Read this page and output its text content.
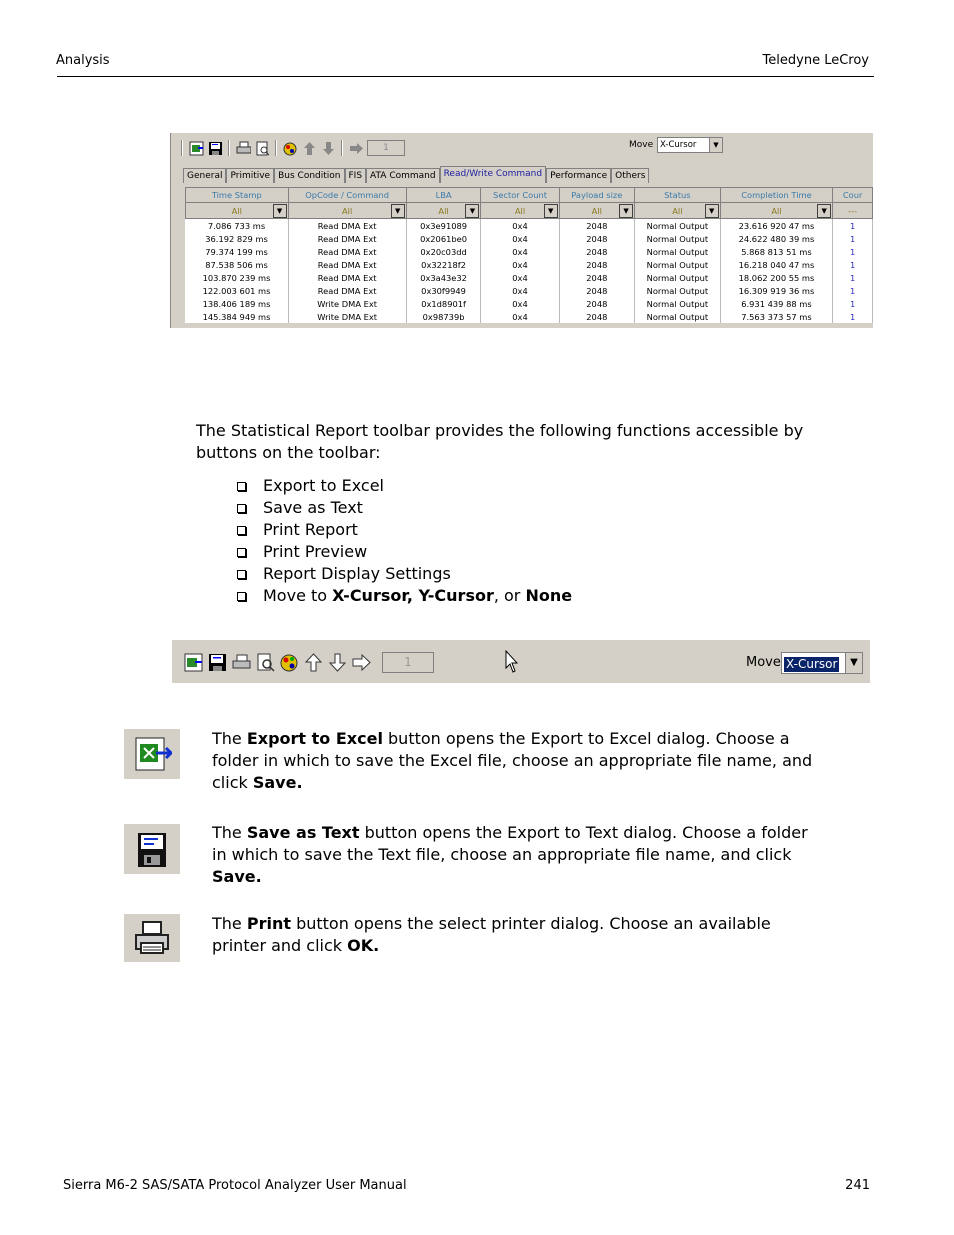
Analysis	Teledyne LeCroy
1	Move X-Cursor	▼
General Primitive Bus Condition FIS ATA Command Read/Write Command Performance Others
Time Stamp	OpCode / Command	LBA	Sector Count	Payload size	Status	Completion Time	Cour
All ▼	All ▼	All ▼	All ▼	All ▼	All ▼	All ▼	---
7.086 733 ms	Read DMA Ext	0x3e91089	0x4	2048	Normal Output	23.616 920 47 ms	1
36.192 829 ms	Read DMA Ext	0x2061be0	0x4	2048	Normal Output	24.622 480 39 ms	1
79.374 199 ms	Read DMA Ext	0x20c03dd	0x4	2048	Normal Output	5.868 813 51 ms	1
87.538 506 ms	Read DMA Ext	0x32218f2	0x4	2048	Normal Output	16.218 040 47 ms	1
103.870 239 ms	Read DMA Ext	0x3a43e32	0x4	2048	Normal Output	18.062 200 55 ms	1
122.003 601 ms	Read DMA Ext	0x30f9949	0x4	2048	Normal Output	16.309 919 36 ms	1
138.406 189 ms	Write DMA Ext	0x1d8901f	0x4	2048	Normal Output	6.931 439 88 ms	1
145.384 949 ms	Write DMA Ext	0x98739b	0x4	2048	Normal Output	7.563 373 57 ms	1
The Statistical Report toolbar provides the following functions accessible by buttons on the toolbar:
Export to Excel
Save as Text
Print Report
Print Preview
Report Display Settings
Move to X-Cursor, Y-Cursor, or None
1	Move X-Cursor	▼
The Export to Excel button opens the Export to Excel dialog. Choose a folder in which to save the Excel file, choose an appropriate file name, and click Save.
The Save as Text button opens the Export to Text dialog. Choose a folder in which to save the Text file, choose an appropriate file name, and click Save.
The Print button opens the select printer dialog. Choose an available printer and click OK.
Sierra M6-2 SAS/SATA Protocol Analyzer User Manual	241
